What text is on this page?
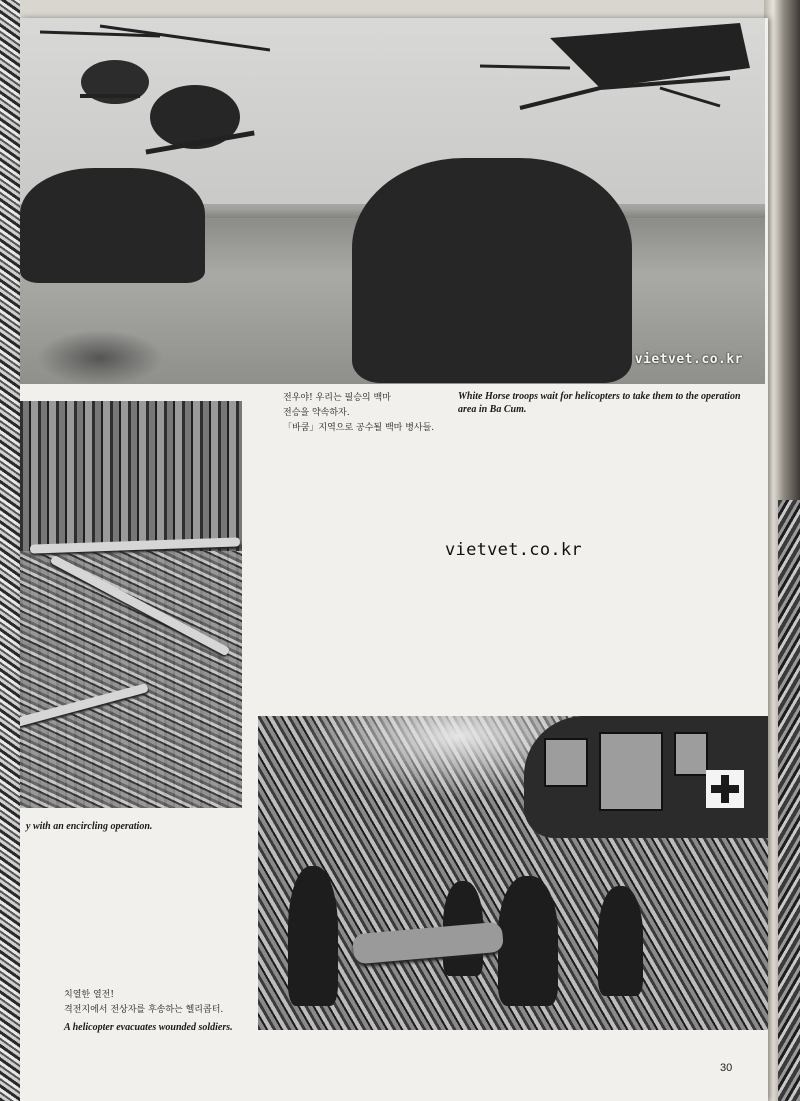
vietvet.co.kr
전우야! 우리는 필승의 백마
전승을 약속하자.
「바쿰」지역으로 공수될 백마 병사들.

White Horse troops wait for helicopters to take them to the operation area in Ba Cum.

y with an encircling operation.

vietvet.co.kr
치열한 열전!
격전지에서 전상자를 후송하는 헬리콥터.

A helicopter evacuates wounded soldiers.

30
